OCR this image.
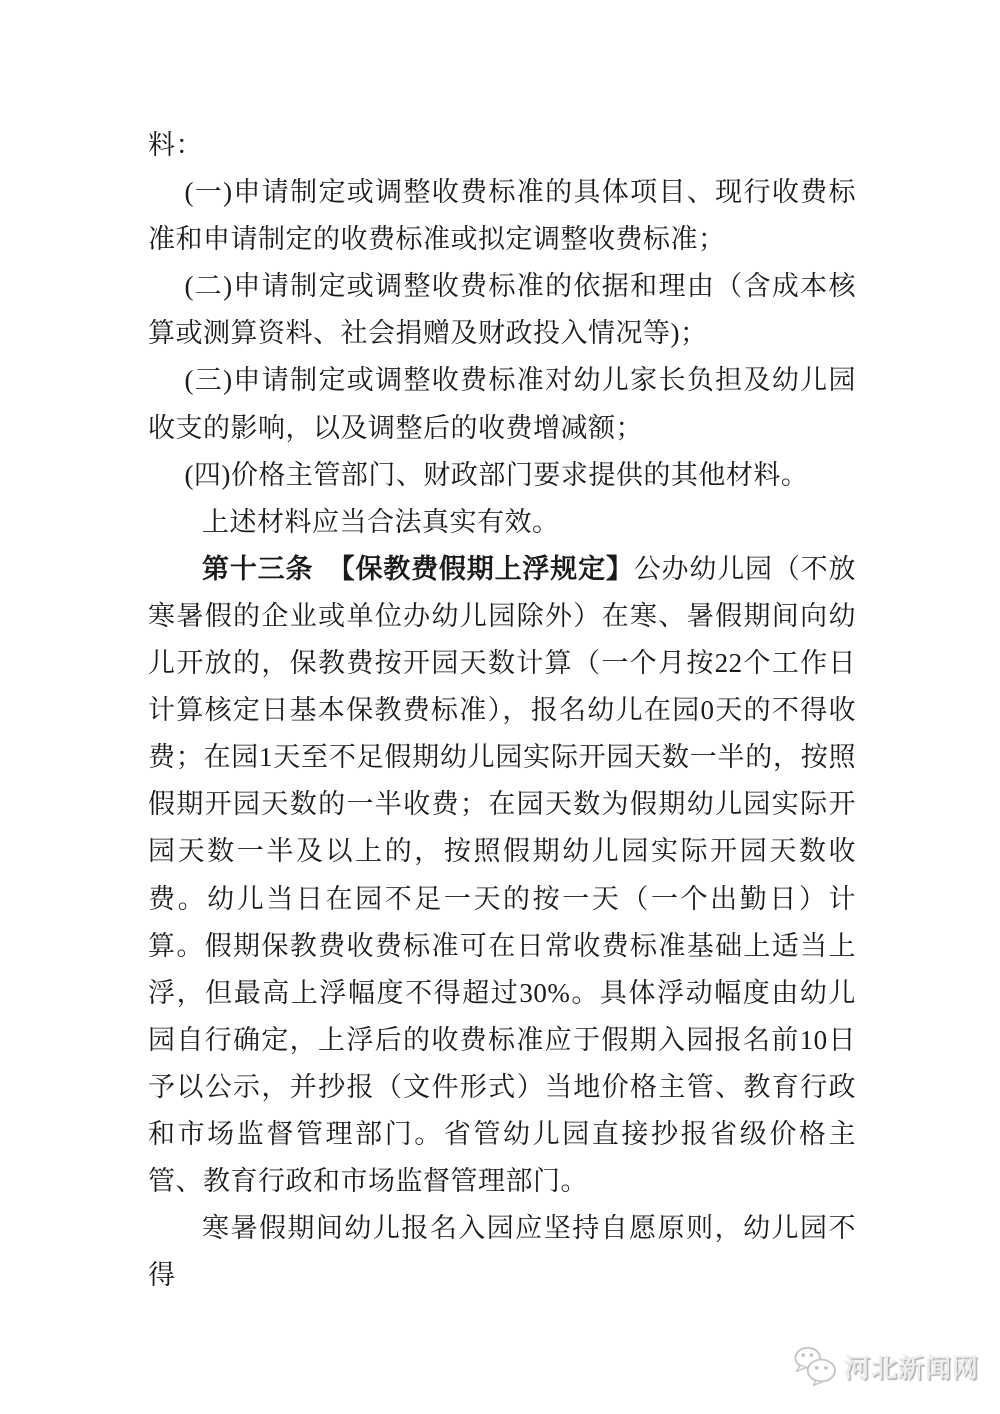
料：

(一)申请制定或调整收费标准的具体项目、现行收费标准和申请制定的收费标准或拟定调整收费标准；

(二)申请制定或调整收费标准的依据和理由（含成本核算或测算资料、社会捐赠及财政投入情况等)；

(三)申请制定或调整收费标准对幼儿家长负担及幼儿园收支的影响，以及调整后的收费增减额；

(四)价格主管部门、财政部门要求提供的其他材料。

上述材料应当合法真实有效。

第十三条　【保教费假期上浮规定】公办幼儿园（不放寒暑假的企业或单位办幼儿园除外）在寒、暑假期间向幼儿开放的，保教费按开园天数计算（一个月按22个工作日计算核定日基本保教费标准），报名幼儿在园0天的不得收费；在园1天至不足假期幼儿园实际开园天数一半的，按照假期开园天数的一半收费；在园天数为假期幼儿园实际开园天数一半及以上的，按照假期幼儿园实际开园天数收费。幼儿当日在园不足一天的按一天（一个出勤日）计算。假期保教费收费标准可在日常收费标准基础上适当上浮，但最高上浮幅度不得超过30%。具体浮动幅度由幼儿园自行确定，上浮后的收费标准应于假期入园报名前10日予以公示，并抄报（文件形式）当地价格主管、教育行政和市场监督管理部门。省管幼儿园直接抄报省级价格主管、教育行政和市场监督管理部门。

寒暑假期间幼儿报名入园应坚持自愿原则，幼儿园不得

河北新闻网
